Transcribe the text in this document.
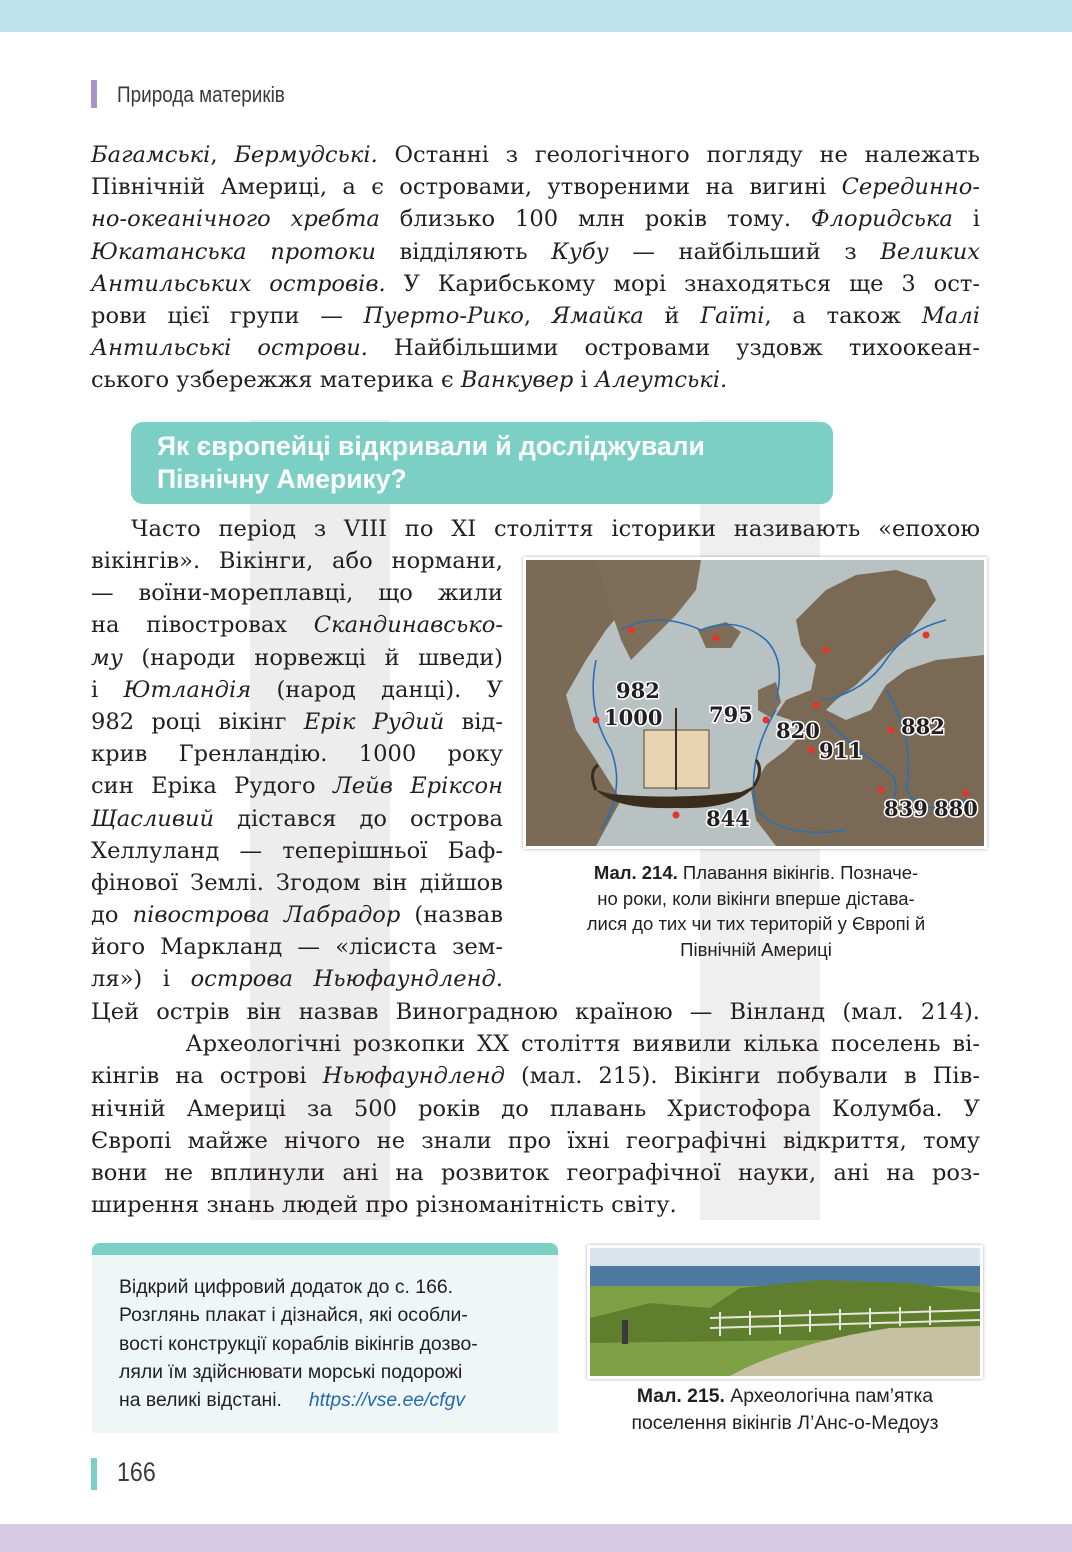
Природа материків
Багамські, Бермудські. Останні з геологічного погляду не належать
Північній Америці, а є островами, утвореними на вигині Серединно-
но-океанічного хребта близько 100 млн років тому. Флоридська і
Юкатанська протоки відділяють Кубу — найбільший з Великих
Антильських островів. У Карибському морі знаходяться ще 3 ост-
рови цієї групи — Пуерто-Рико, Ямайка й Гаїті, а також Малі
Антильські острови. Найбільшими островами уздовж тихоокеан-
ського узбережжя материка є Ванкувер і Алеутські.
Як європейці відкривали й досліджували
Північну Америку?
Часто період з VIII по XI століття історики називають «епохою
вікінгів». Вікінги, або нормани,
— воїни-мореплавці, що жили
на півостровах Скандинавсько-
му (народи норвежці й шведи)
і Ютландія (народ данці). У
982 році вікінг Ерік Рудий від-
крив Гренландію. 1000 року
син Еріка Рудого Лейв Еріксон
Щасливий дістався до острова
Хеллуланд — теперішньої Баф-
фінової Землі. Згодом він дійшов
до півострова Лабрадор (назвав
його Маркланд — «лісиста зем-
ля») і острова Ньюфаундленд.
Цей острів він назвав Виноградною країною — Вінланд (мал. 214).
Археологічні розкопки XX століття виявили кілька поселень ві-
кінгів на острові Ньюфаундленд (мал. 215). Вікінги побували в Пів-
нічній Америці за 500 років до плавань Христофора Колумба. У
Європі майже нічого не знали про їхні географічні відкриття, тому
вони не вплинули ані на розвиток географічної науки, ані на роз-
ширення знань людей про різноманітність світу.
982
1000 795
820
911
882
839 880
844
Мал. 214. Плавання вікінгів. Позначе-
но роки, коли вікінги вперше дістава-
лися до тих чи тих територій у Європі й
Північній Америці
Відкрий цифровий додаток до с. 166.
Розглянь плакат і дізнайся, які особли-
вості конструкції кораблів вікінгів дозво-
ляли їм здійснювати морські подорожі
на великі відстані. https://vse.ee/cfgv	Мал. 215. Археологічна пам’ятка
поселення вікінгів Л’Анс-о-Медоуз
166
